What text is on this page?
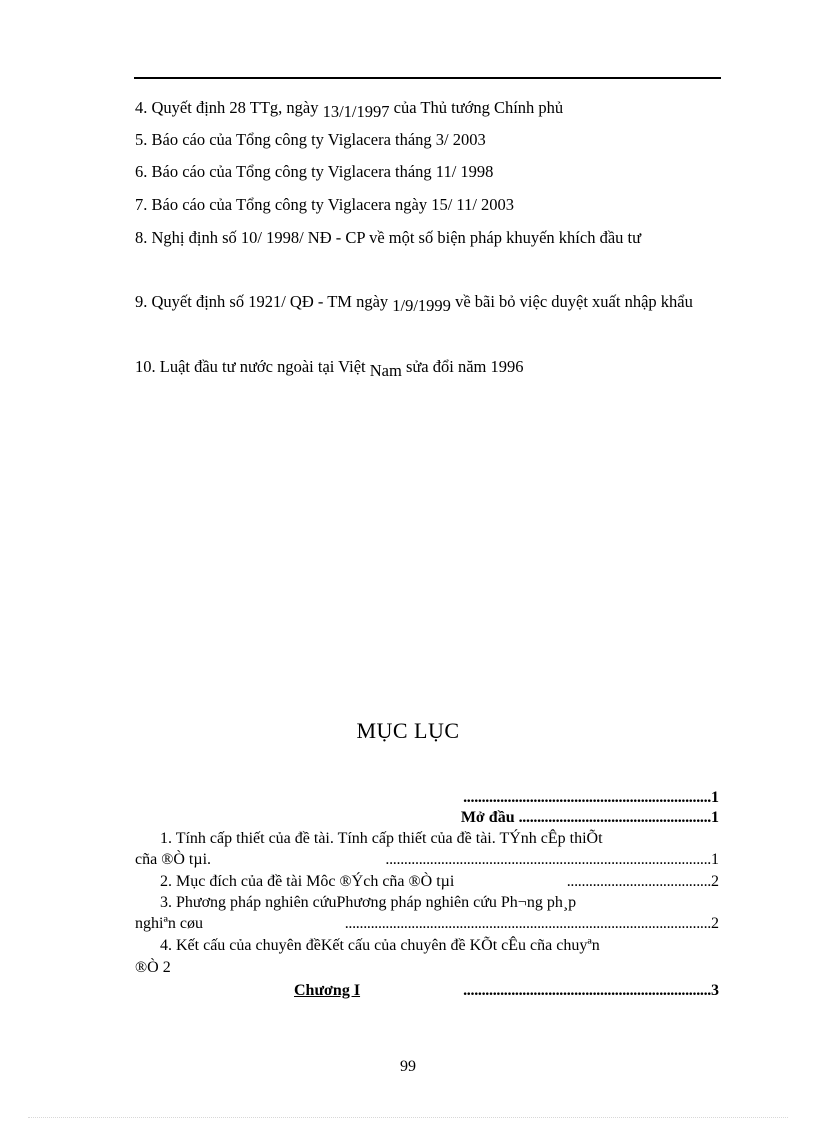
4. Quyết định 28 TTg, ngày 13/1/1997 của Thủ tướng Chính phủ
5. Báo cáo của Tổng công ty Viglacera tháng 3/ 2003
6. Báo cáo của Tổng công ty Viglacera tháng 11/ 1998
7. Báo cáo của Tổng công ty Viglacera ngày 15/ 11/ 2003
8. Nghị định số 10/ 1998/ NĐ - CP về một số biện pháp khuyến khích đầu tư
9. Quyết định số 1921/ QĐ - TM ngày 1/9/1999 về bãi bỏ việc duyệt xuất nhập khẩu
10. Luật đầu tư nước ngoài tại Việt Nam sửa đổi năm 1996
MỤC LỤC
...................................................................1
Mở đầu ....................................................1
1. Tính cấp thiết của đề tài. Tính cấp thiết của đề tài. TÝnh cÊp thiÕt
cña ®Ò tµi.	........................................................................................1
2. Mục đích của đề tài Môc ®Ých cña ®Ò tµi	.......................................2
3. Phương pháp nghiên cứuPhương pháp nghiên cứu Ph¬ng ph¸p
nghiªn cøu	...................................................................................................2
4. Kết cấu của chuyên đềKết cấu của chuyên đề KÕt cÊu cña chuyªn
®Ò 2
Chương I	...................................................................3
99
